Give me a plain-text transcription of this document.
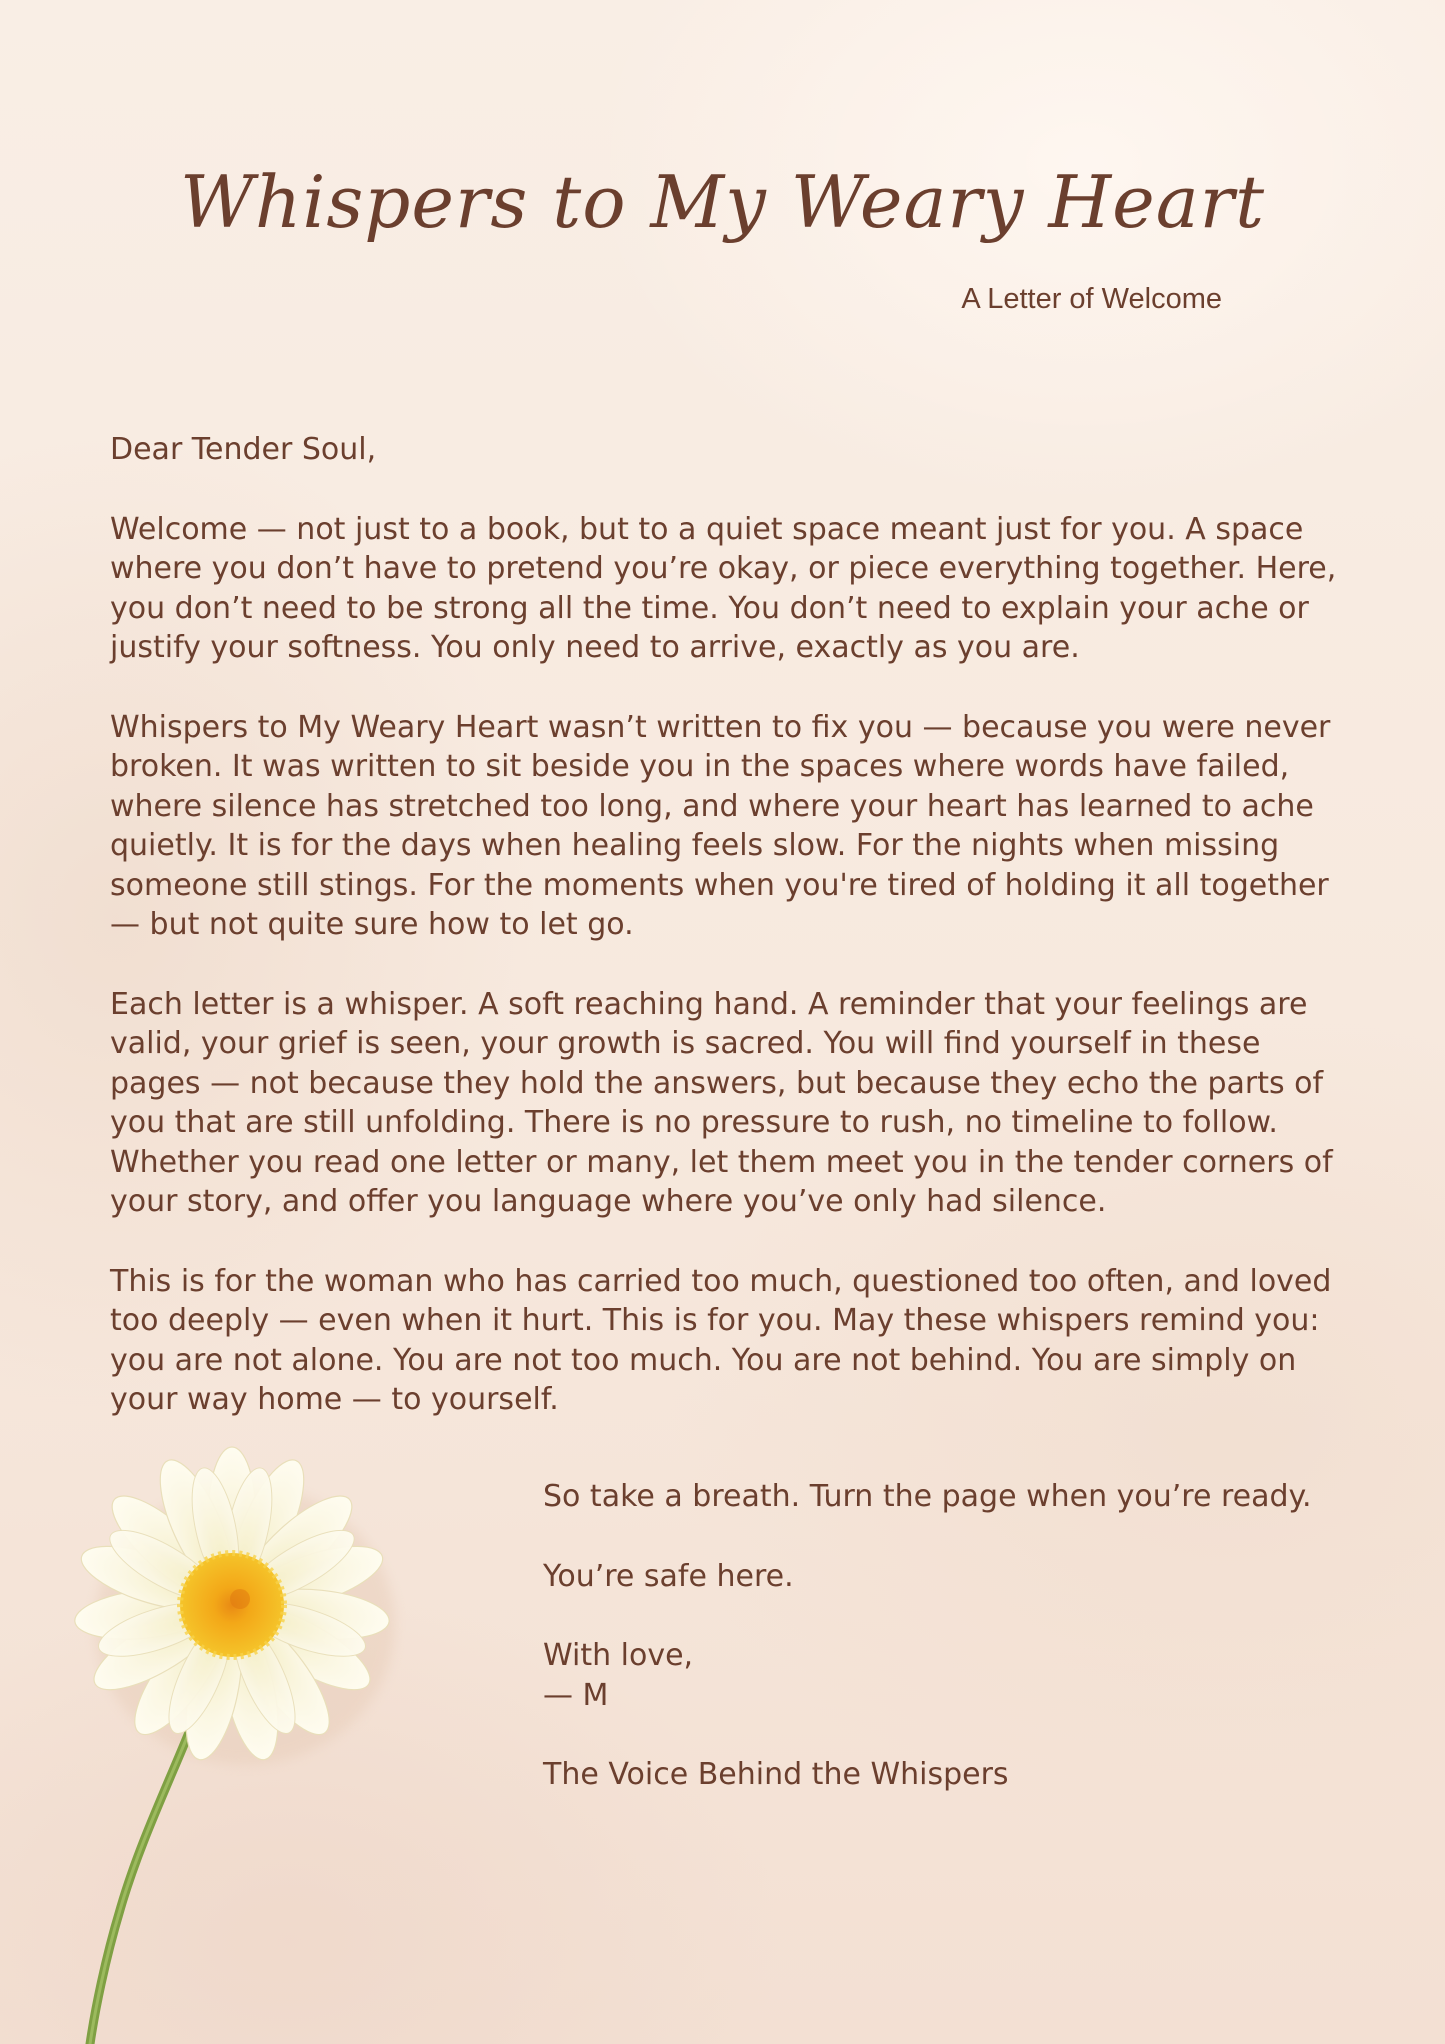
Whispers to My Weary Heart
A Letter of Welcome

Dear Tender Soul,

Welcome — not just to a book, but to a quiet space meant just for you. A space where you don’t have to pretend you’re okay, or piece everything together. Here, you don’t need to be strong all the time. You don’t need to explain your ache or justify your softness. You only need to arrive, exactly as you are.

Whispers to My Weary Heart wasn’t written to fix you — because you were never broken. It was written to sit beside you in the spaces where words have failed, where silence has stretched too long, and where your heart has learned to ache quietly. It is for the days when healing feels slow. For the nights when missing someone still stings. For the moments when you're tired of holding it all together — but not quite sure how to let go.

Each letter is a whisper. A soft reaching hand. A reminder that your feelings are valid, your grief is seen, your growth is sacred. You will find yourself in these pages — not because they hold the answers, but because they echo the parts of you that are still unfolding. There is no pressure to rush, no timeline to follow. Whether you read one letter or many, let them meet you in the tender corners of your story, and offer you language where you’ve only had silence.

This is for the woman who has carried too much, questioned too often, and loved too deeply — even when it hurt. This is for you. May these whispers remind you: you are not alone. You are not too much. You are not behind. You are simply on your way home — to yourself.

So take a breath. Turn the page when you’re ready.

You’re safe here.

With love,
— M

The Voice Behind the Whispers
